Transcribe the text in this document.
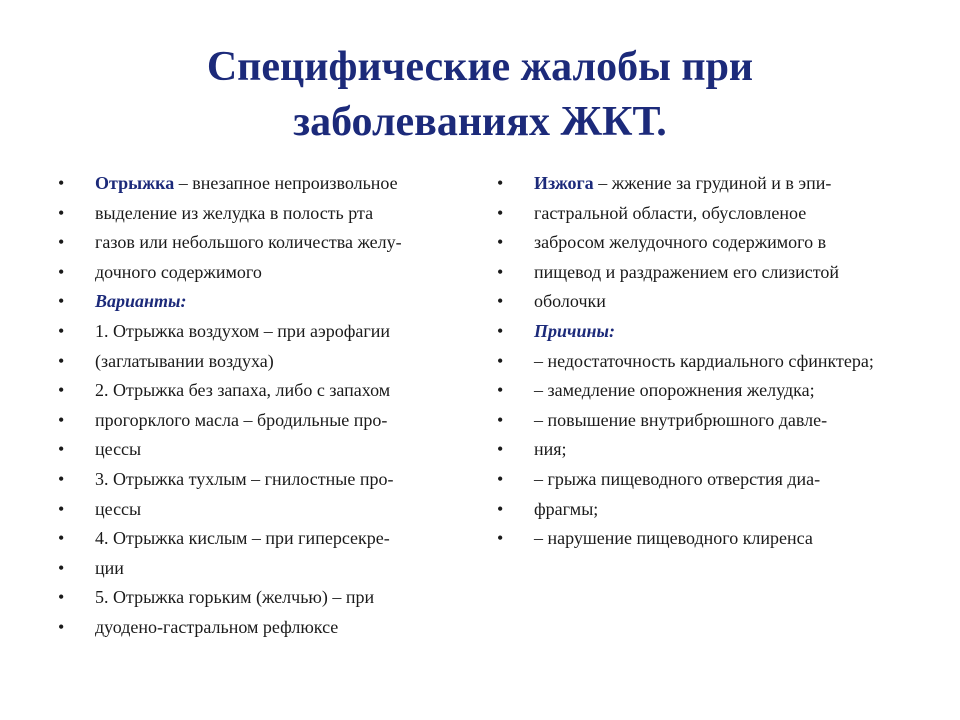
Специфические жалобы при
заболеваниях ЖКТ.
• Отрыжка – внезапное непроизвольное
• выделение из желудка в полость рта
• газов или небольшого количества желу-
• дочного содержимого
• Варианты:
• 1. Отрыжка воздухом – при аэрофагии
• (заглатывании воздуха)
• 2. Отрыжка без запаха, либо с запахом
• прогорклого масла – бродильные про-
• цессы
• 3. Отрыжка тухлым – гнилостные про-
• цессы
• 4. Отрыжка кислым – при гиперсекре-
• ции
• 5. Отрыжка горьким (желчью) – при
• дуодено-гастральном рефлюксе
• Изжога – жжение за грудиной и в эпи-
• гастральной области, обусловленое
• забросом желудочного содержимого в
• пищевод и раздражением его слизистой
• оболочки
• Причины:
• – недостаточность кардиального сфинктера;
• – замедление опорожнения желудка;
• – повышение внутрибрюшного давле-
• ния;
• – грыжа пищеводного отверстия диа-
• фрагмы;
• – нарушение пищеводного клиренса
